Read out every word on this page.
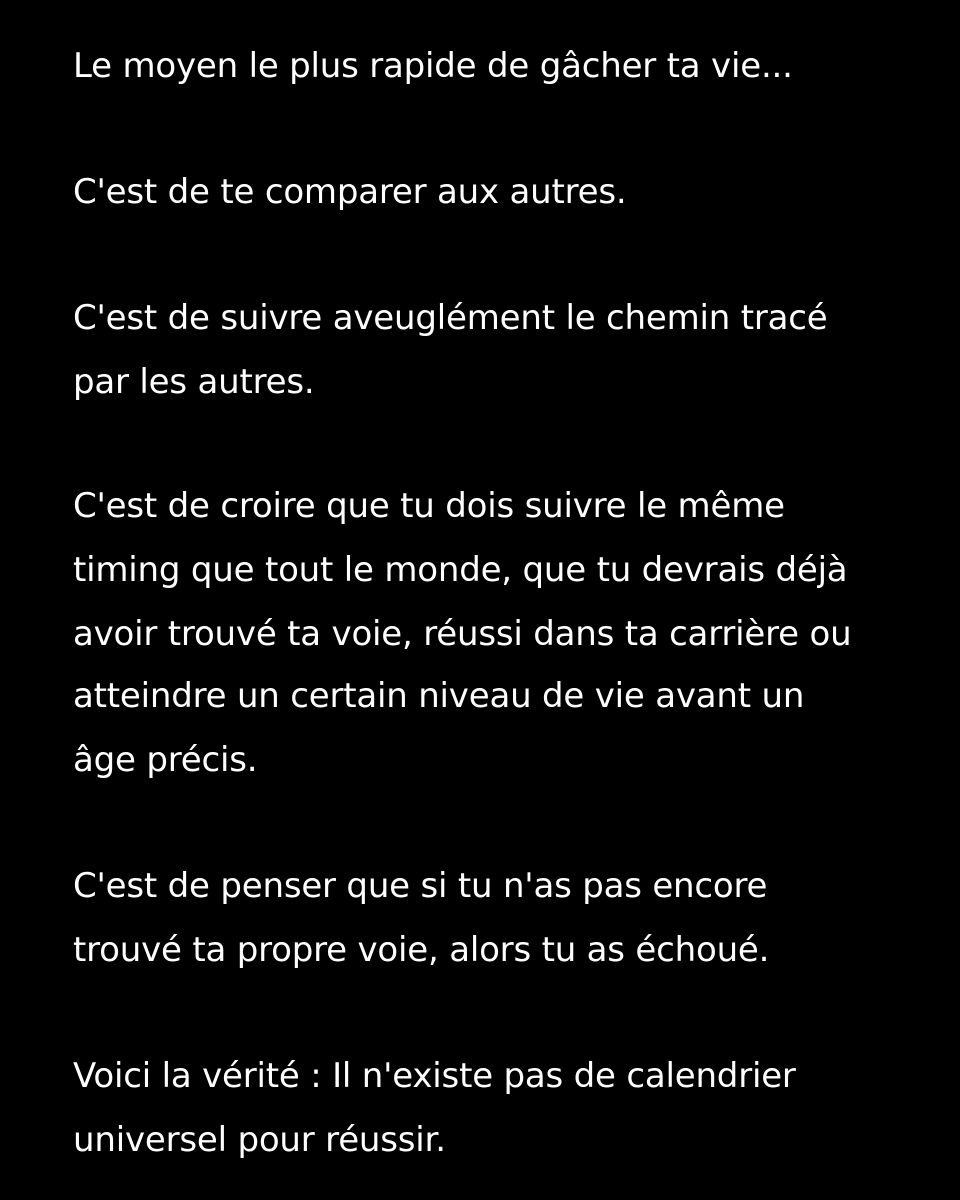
Le moyen le plus rapide de gâcher ta vie...

C'est de te comparer aux autres.

C'est de suivre aveuglément le chemin tracé

par les autres.

C'est de croire que tu dois suivre le même

timing que tout le monde, que tu devrais déjà

avoir trouvé ta voie, réussi dans ta carrière ou

atteindre un certain niveau de vie avant un

âge précis.

C'est de penser que si tu n'as pas encore

trouvé ta propre voie, alors tu as échoué.

Voici la vérité : Il n'existe pas de calendrier

universel pour réussir.
